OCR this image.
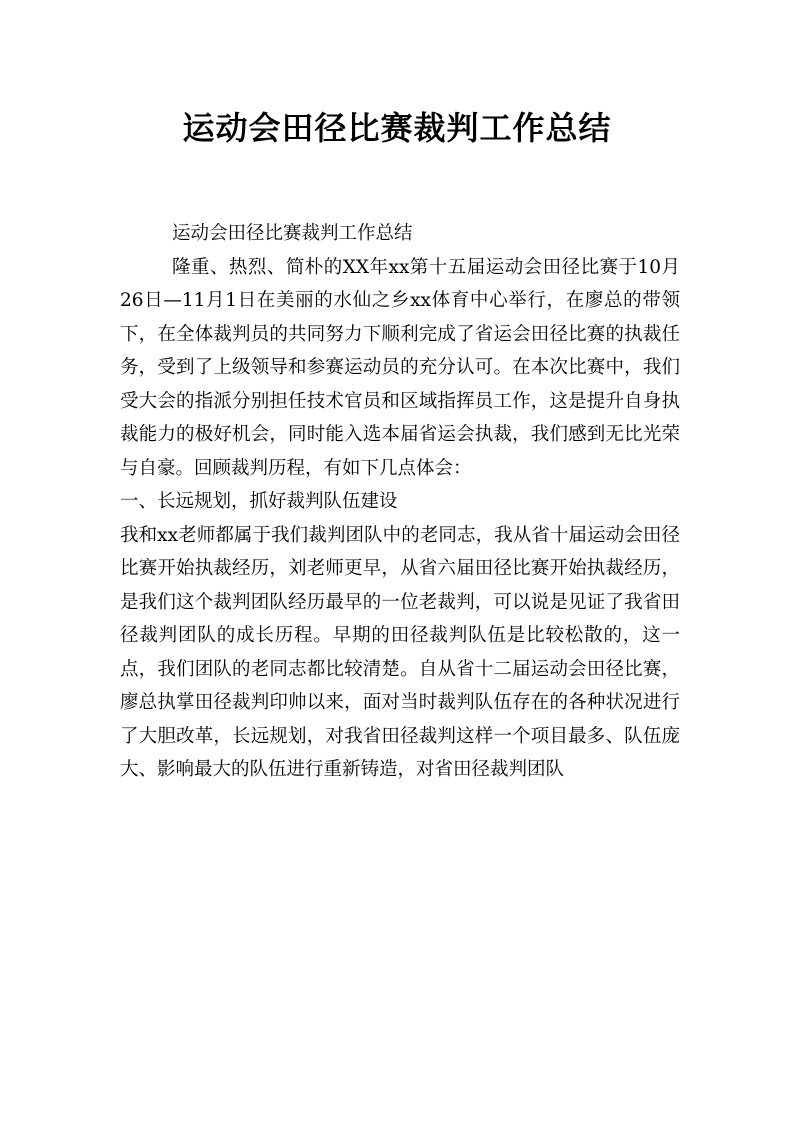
运动会田径比赛裁判工作总结

运动会田径比赛裁判工作总结

隆重、热烈、简朴的XX年xx第十五届运动会田径比赛于10月26日—11月1日在美丽的水仙之乡xx体育中心举行，在廖总的带领下，在全体裁判员的共同努力下顺利完成了省运会田径比赛的执裁任务，受到了上级领导和参赛运动员的充分认可。在本次比赛中，我们受大会的指派分别担任技术官员和区域指挥员工作，这是提升自身执裁能力的极好机会，同时能入选本届省运会执裁，我们感到无比光荣与自豪。回顾裁判历程，有如下几点体会：

一、长远规划，抓好裁判队伍建设

我和xx老师都属于我们裁判团队中的老同志，我从省十届运动会田径比赛开始执裁经历，刘老师更早，从省六届田径比赛开始执裁经历，是我们这个裁判团队经历最早的一位老裁判，可以说是见证了我省田径裁判团队的成长历程。早期的田径裁判队伍是比较松散的，这一点，我们团队的老同志都比较清楚。自从省十二届运动会田径比赛，廖总执掌田径裁判印帅以来，面对当时裁判队伍存在的各种状况进行了大胆改革，长远规划，对我省田径裁判这样一个项目最多、队伍庞大、影响最大的队伍进行重新铸造，对省田径裁判团队
